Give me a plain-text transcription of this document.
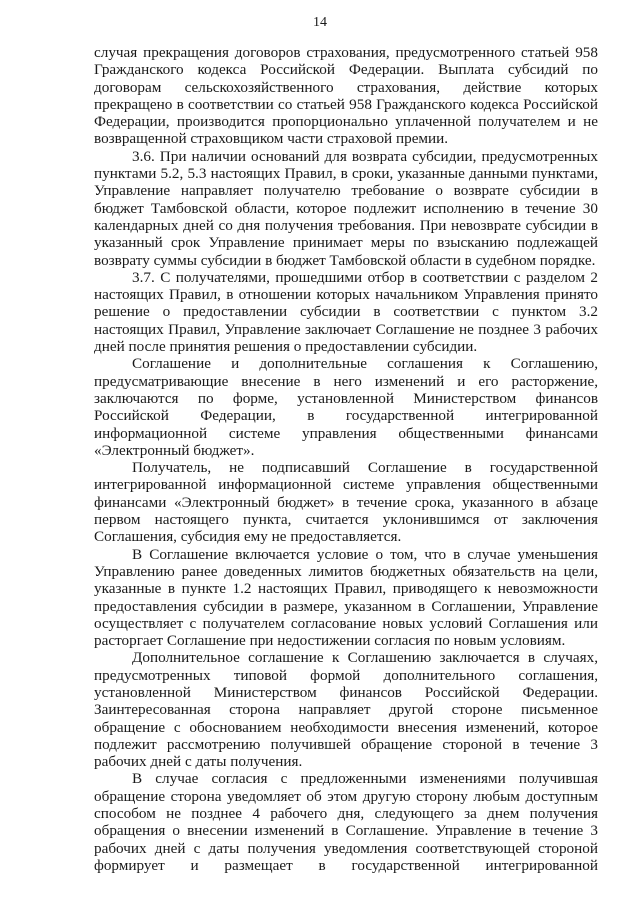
14

случая прекращения договоров страхования, предусмотренного статьей 958 Гражданского кодекса Российской Федерации. Выплата субсидий по договорам сельскохозяйственного страхования, действие которых прекращено в соответствии со статьей 958 Гражданского кодекса Российской Федерации, производится пропорционально уплаченной получателем и не возвращенной страховщиком части страховой премии.

3.6. При наличии оснований для возврата субсидии, предусмотренных пунктами 5.2, 5.3 настоящих Правил, в сроки, указанные данными пунктами, Управление направляет получателю требование о возврате субсидии в бюджет Тамбовской области, которое подлежит исполнению в течение 30 календарных дней со дня получения требования. При невозврате субсидии в указанный срок Управление принимает меры по взысканию подлежащей возврату суммы субсидии в бюджет Тамбовской области в судебном порядке.

3.7. С получателями, прошедшими отбор в соответствии с разделом 2 настоящих Правил, в отношении которых начальником Управления принято решение о предоставлении субсидии в соответствии с пунктом 3.2 настоящих Правил, Управление заключает Соглашение не позднее 3 рабочих дней после принятия решения о предоставлении субсидии.

Соглашение и дополнительные соглашения к Соглашению, предусматривающие внесение в него изменений и его расторжение, заключаются по форме, установленной Министерством финансов Российской Федерации, в государственной интегрированной информационной системе управления общественными финансами «Электронный бюджет».

Получатель, не подписавший Соглашение в государственной интегрированной информационной системе управления общественными финансами «Электронный бюджет» в течение срока, указанного в абзаце первом настоящего пункта, считается уклонившимся от заключения Соглашения, субсидия ему не предоставляется.

В Соглашение включается условие о том, что в случае уменьшения Управлению ранее доведенных лимитов бюджетных обязательств на цели, указанные в пункте 1.2 настоящих Правил, приводящего к невозможности предоставления субсидии в размере, указанном в Соглашении, Управление осуществляет с получателем согласование новых условий Соглашения или расторгает Соглашение при недостижении согласия по новым условиям.

Дополнительное соглашение к Соглашению заключается в случаях, предусмотренных типовой формой дополнительного соглашения, установленной Министерством финансов Российской Федерации. Заинтересованная сторона направляет другой стороне письменное обращение с обоснованием необходимости внесения изменений, которое подлежит рассмотрению получившей обращение стороной в течение 3 рабочих дней с даты получения.

В случае согласия с предложенными изменениями получившая обращение сторона уведомляет об этом другую сторону любым доступным способом не позднее 4 рабочего дня, следующего за днем получения обращения о внесении изменений в Соглашение. Управление в течение 3 рабочих дней с даты получения уведомления соответствующей стороной формирует и размещает в государственной интегрированной
